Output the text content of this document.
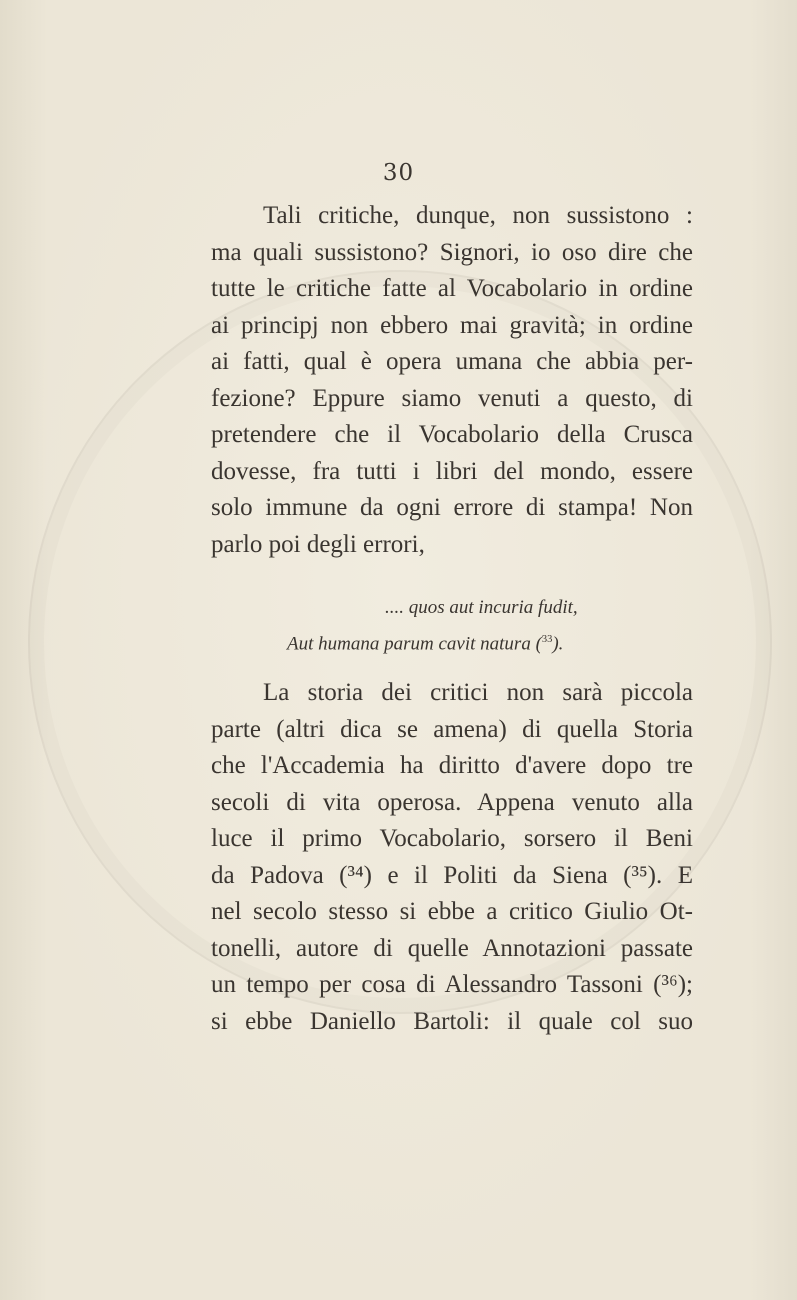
30
Tali critiche, dunque, non sussistono :
ma quali sussistono? Signori, io oso dire che
tutte le critiche fatte al Vocabolario in ordine
ai principj non ebbero mai gravità; in ordine
ai fatti, qual è opera umana che abbia per-
fezione? Eppure siamo venuti a questo, di
pretendere che il Vocabolario della Crusca
dovesse, fra tutti i libri del mondo, essere
solo immune da ogni errore di stampa! Non
parlo poi degli errori,
.... quos aut incuria fudit,
Aut humana parum cavit natura ($^{33}$).
La storia dei critici non sarà piccola
parte (altri dica se amena) di quella Storia
che l'Accademia ha diritto d'avere dopo tre
secoli di vita operosa. Appena venuto alla
luce il primo Vocabolario, sorsero il Beni
da Padova (³⁴) e il Politi da Siena (³⁵). E
nel secolo stesso si ebbe a critico Giulio Ot-
tonelli, autore di quelle Annotazioni passate
un tempo per cosa di Alessandro Tassoni (³⁶);
si ebbe Daniello Bartoli: il quale col suo
